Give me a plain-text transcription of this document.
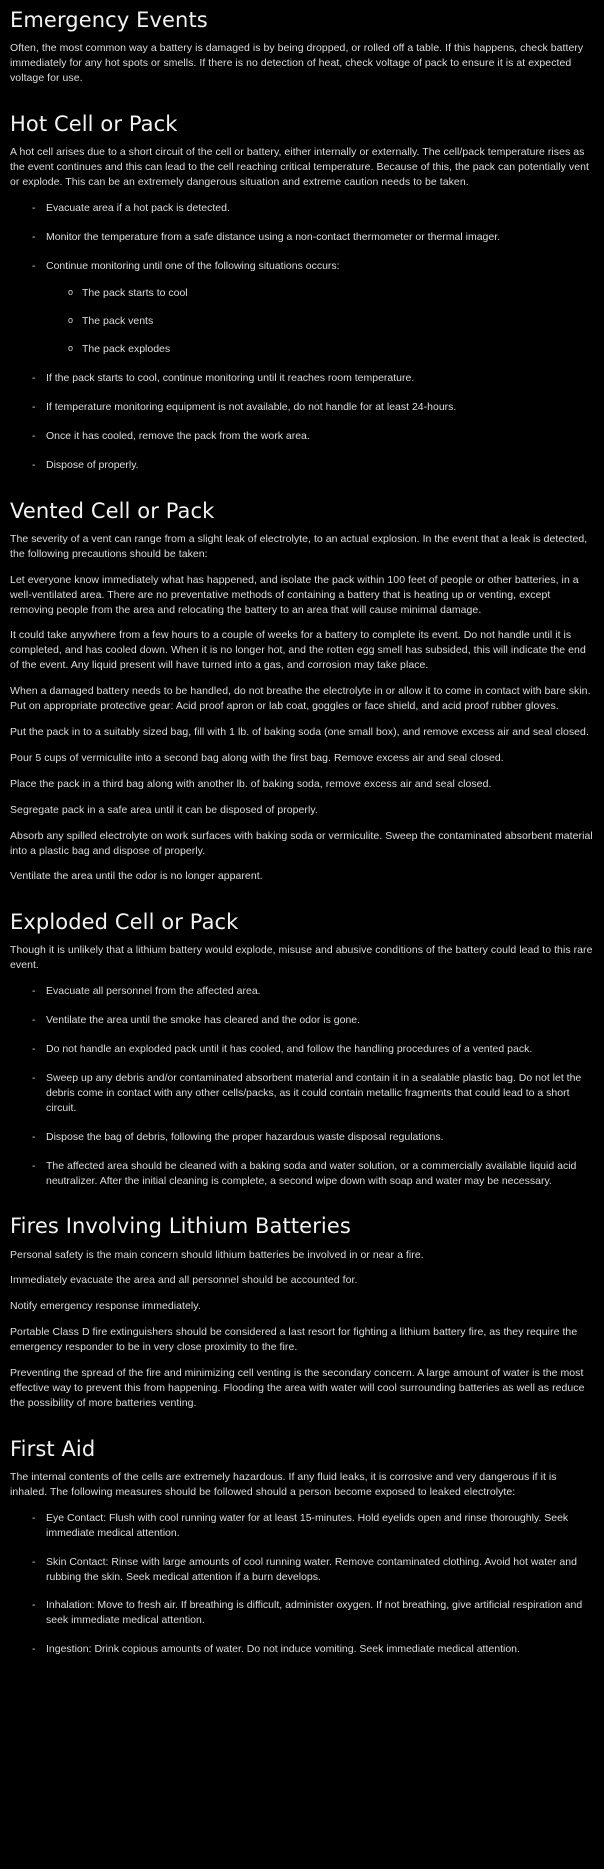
Emergency Events

Often, the most common way a battery is damaged is by being dropped, or rolled off a table. If this happens, check battery immediately for any hot spots or smells. If there is no detection of heat, check voltage of pack to ensure it is at expected voltage for use.

Hot Cell or Pack

A hot cell arises due to a short circuit of the cell or battery, either internally or externally. The cell/pack temperature rises as the event continues and this can lead to the cell reaching critical temperature. Because of this, the pack can potentially vent or explode. This can be an extremely dangerous situation and extreme caution needs to be taken.

- Evacuate area if a hot pack is detected.
- Monitor the temperature from a safe distance using a non-contact thermometer or thermal imager.
- Continue monitoring until one of the following situations occurs:
o The pack starts to cool
o The pack vents
o The pack explodes
- If the pack starts to cool, continue monitoring until it reaches room temperature.
- If temperature monitoring equipment is not available, do not handle for at least 24-hours.
- Once it has cooled, remove the pack from the work area.
- Dispose of properly.
Vented Cell or Pack

The severity of a vent can range from a slight leak of electrolyte, to an actual explosion. In the event that a leak is detected, the following precautions should be taken:

Let everyone know immediately what has happened, and isolate the pack within 100 feet of people or other batteries, in a well-ventilated area. There are no preventative methods of containing a battery that is heating up or venting, except removing people from the area and relocating the battery to an area that will cause minimal damage.

It could take anywhere from a few hours to a couple of weeks for a battery to complete its event. Do not handle until it is completed, and has cooled down. When it is no longer hot, and the rotten egg smell has subsided, this will indicate the end of the event. Any liquid present will have turned into a gas, and corrosion may take place.

When a damaged battery needs to be handled, do not breathe the electrolyte in or allow it to come in contact with bare skin. Put on appropriate protective gear: Acid proof apron or lab coat, goggles or face shield, and acid proof rubber gloves.

Put the pack in to a suitably sized bag, fill with 1 lb. of baking soda (one small box), and remove excess air and seal closed.

Pour 5 cups of vermiculite into a second bag along with the first bag. Remove excess air and seal closed.

Place the pack in a third bag along with another lb. of baking soda, remove excess air and seal closed.

Segregate pack in a safe area until it can be disposed of properly.

Absorb any spilled electrolyte on work surfaces with baking soda or vermiculite. Sweep the contaminated absorbent material into a plastic bag and dispose of properly.

Ventilate the area until the odor is no longer apparent.

Exploded Cell or Pack

Though it is unlikely that a lithium battery would explode, misuse and abusive conditions of the battery could lead to this rare event.

- Evacuate all personnel from the affected area.
- Ventilate the area until the smoke has cleared and the odor is gone.
- Do not handle an exploded pack until it has cooled, and follow the handling procedures of a vented pack.
- Sweep up any debris and/or contaminated absorbent material and contain it in a sealable plastic bag. Do not let the debris come in contact with any other cells/packs, as it could contain metallic fragments that could lead to a short circuit.
- Dispose the bag of debris, following the proper hazardous waste disposal regulations.
- The affected area should be cleaned with a baking soda and water solution, or a commercially available liquid acid neutralizer. After the initial cleaning is complete, a second wipe down with soap and water may be necessary.
Fires Involving Lithium Batteries

Personal safety is the main concern should lithium batteries be involved in or near a fire.

Immediately evacuate the area and all personnel should be accounted for.

Notify emergency response immediately.

Portable Class D fire extinguishers should be considered a last resort for fighting a lithium battery fire, as they require the emergency responder to be in very close proximity to the fire.

Preventing the spread of the fire and minimizing cell venting is the secondary concern. A large amount of water is the most effective way to prevent this from happening. Flooding the area with water will cool surrounding batteries as well as reduce the possibility of more batteries venting.

First Aid

The internal contents of the cells are extremely hazardous. If any fluid leaks, it is corrosive and very dangerous if it is inhaled. The following measures should be followed should a person become exposed to leaked electrolyte:

- Eye Contact: Flush with cool running water for at least 15-minutes. Hold eyelids open and rinse thoroughly. Seek immediate medical attention.
- Skin Contact: Rinse with large amounts of cool running water. Remove contaminated clothing. Avoid hot water and rubbing the skin. Seek medical attention if a burn develops.
- Inhalation: Move to fresh air. If breathing is difficult, administer oxygen. If not breathing, give artificial respiration and seek immediate medical attention.
- Ingestion: Drink copious amounts of water. Do not induce vomiting. Seek immediate medical attention.
